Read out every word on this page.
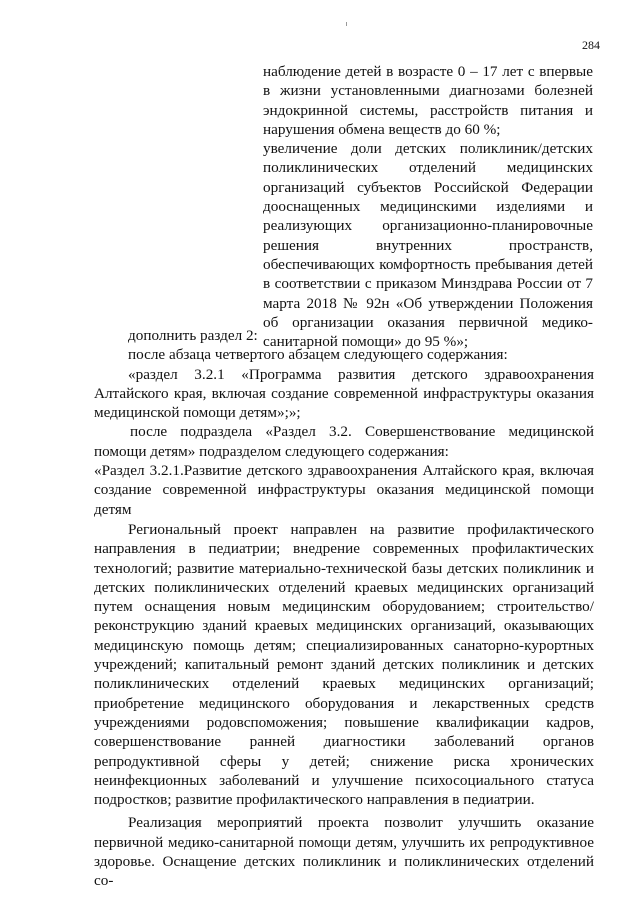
284

наблюдение детей в возрасте 0 – 17 лет с впервые в жизни установленными диагнозами болезней эндокринной системы, расстройств питания и нарушения обмена веществ до 60 %;

увеличение доли детских поликлиник/детских поликлинических отделений медицинских организаций субъектов Российской Федерации дооснащенных медицинскими изделиями и реализующих организационно-планировочные решения внутренних пространств, обеспечивающих комфортность пребывания детей в соответствии с приказом Минздрава России от 7 марта 2018 № 92н «Об утверждении Положения об организации оказания первичной медико-санитарной помощи» до 95 %»;

дополнить раздел 2:

после абзаца четвертого абзацем следующего содержания:

«раздел 3.2.1 «Программа развития детского здравоохранения Алтайского края, включая создание современной инфраструктуры оказания медицинской помощи детям»;»;

после подраздела «Раздел 3.2. Совершенствование медицинской помощи детям» подразделом следующего содержания:

«Раздел 3.2.1.Развитие детского здравоохранения Алтайского края, включая создание современной инфраструктуры оказания медицинской помощи детям

Региональный проект направлен на развитие профилактического направления в педиатрии; внедрение современных профилактических технологий; развитие материально-технической базы детских поликлиник и детских поликлинических отделений краевых медицинских организаций путем оснащения новым медицинским оборудованием; строительство/реконструкцию зданий краевых медицинских организаций, оказывающих медицинскую помощь детям; специализированных санаторно-курортных учреждений; капитальный ремонт зданий детских поликлиник и детских поликлинических отделений краевых медицинских организаций; приобретение медицинского оборудования и лекарственных средств учреждениями родовспоможения; повышение квалификации кадров, совершенствование ранней диагностики заболеваний органов репродуктивной сферы у детей; снижение риска хронических неинфекционных заболеваний и улучшение психосоциального статуса подростков; развитие профилактического направления в педиатрии.

Реализация мероприятий проекта позволит улучшить оказание первичной медико-санитарной помощи детям, улучшить их репродуктивное здоровье. Оснащение детских поликлиник и поликлинических отделений со-
